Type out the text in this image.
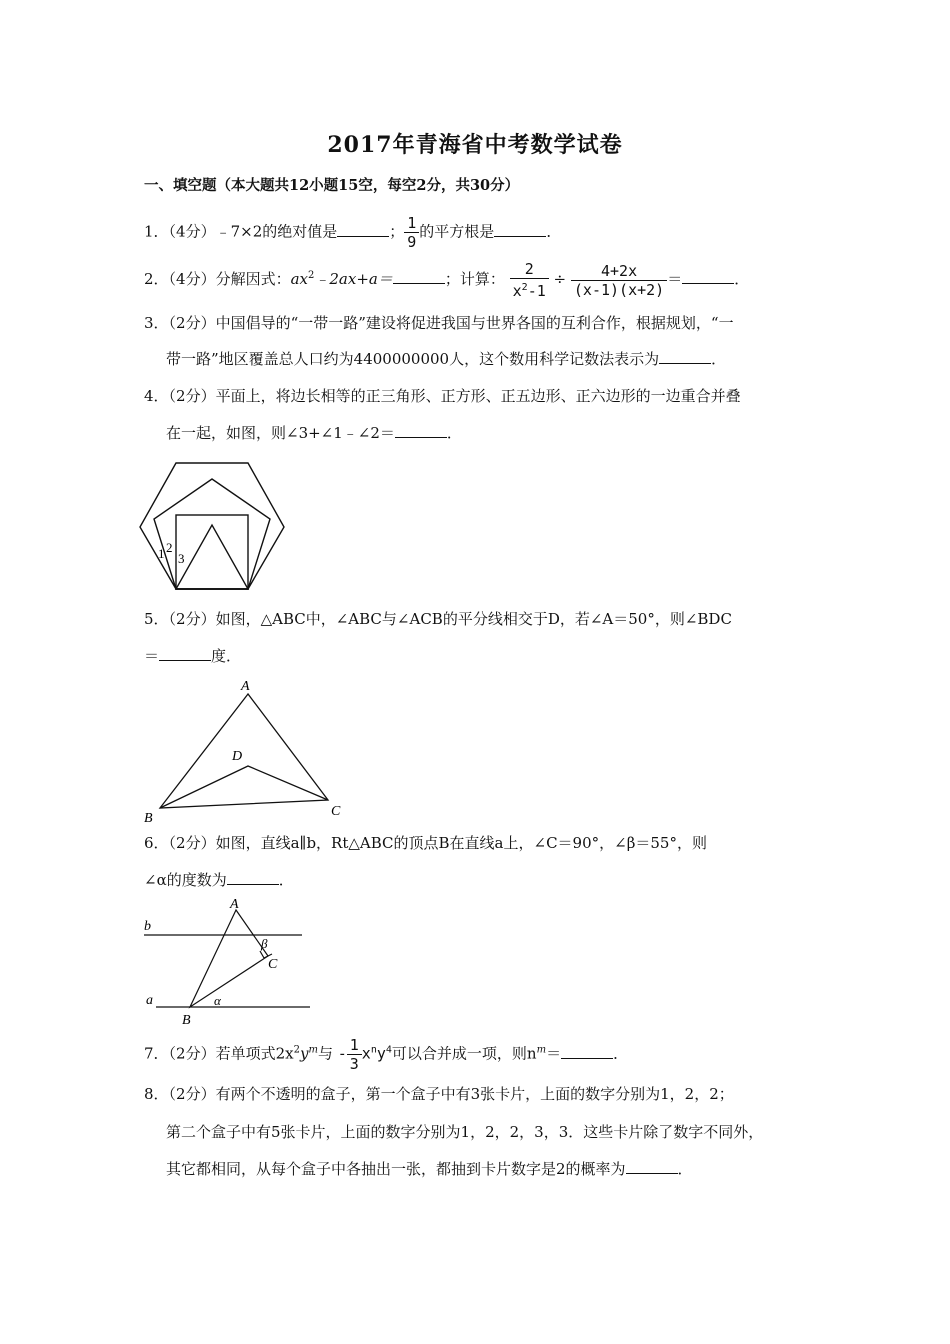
2017年青海省中考数学试卷
一、填空题（本大题共12小题15空，每空2分，共30分）
1．（4分）﹣7×2的绝对值是	； $\frac{1}{9}$ 的平方根是	．
2．（4分）分解因式：$ax^2﹣2ax+a=$	；计算： $\frac{2}{x^2-1} \div \frac{4+2x}{(x-1)(x+2)}$ ＝	．
3．（2分）中国倡导的“一带一路”建设将促进我国与世界各国的互利合作，根据规划，“一
带一路”地区覆盖总人口约为4400000000人，这个数用科学记数法表示为	．
4．（2分）平面上，将边长相等的正三角形、正方形、正五边形、正六边形的一边重合并叠
在一起，如图，则∠3+∠1﹣∠2＝	．
1 2
3
5．（2分）如图，△ABC中，∠ABC与∠ACB的平分线相交于D，若∠A＝50°，则∠BDC
＝	度．
A
B	C
D
6．（2分）如图，直线a∥b，Rt△ABC的顶点B在直线a上，∠C＝90°，∠β＝55°，则
∠α的度数为	．
b
a
A
B
C
β
α
7．（2分）若单项式$2x^2y^m$与 - $\frac{1}{3} x^ny^4$可以合并成一项，则$n^m=$	．
8．（2分）有两个不透明的盒子，第一个盒子中有3张卡片，上面的数字分别为1，2，2；
第二个盒子中有5张卡片，上面的数字分别为1，2，2，3，3．这些卡片除了数字不同外，
其它都相同，从每个盒子中各抽出一张，都抽到卡片数字是2的概率为	．
